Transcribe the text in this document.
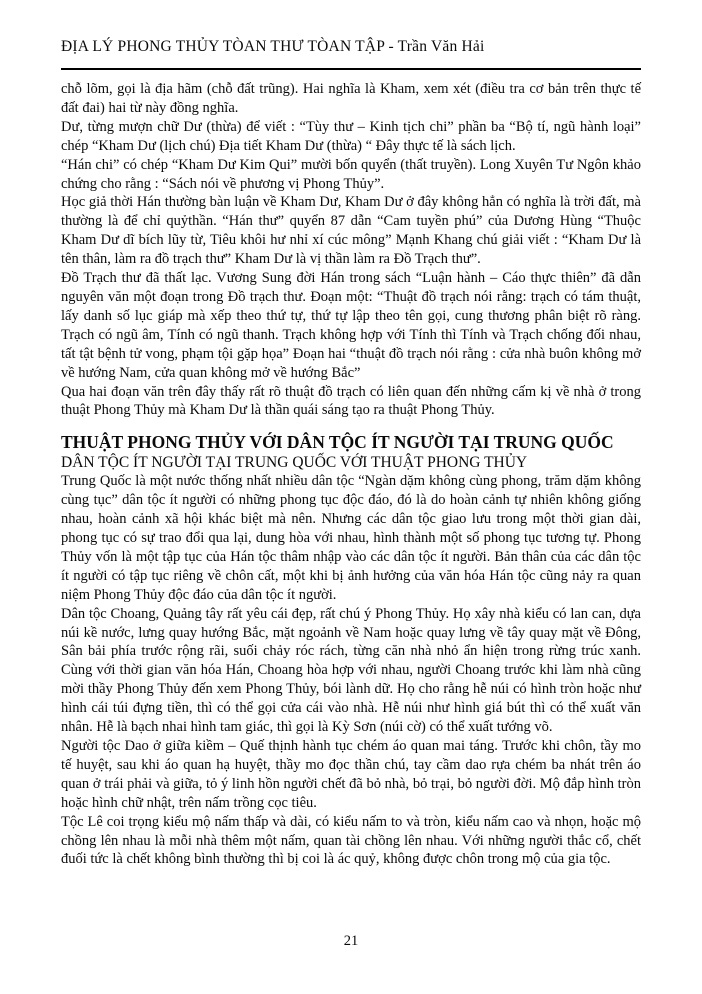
ĐỊA LÝ PHONG THỦY TÒAN THƯ TÒAN TẬP - Trần Văn Hải

chỗ lõm, gọi là địa hãm (chỗ đất trũng). Hai nghĩa là Kham, xem xét (điều tra cơ bản trên thực tế đất đai) hai từ này đồng nghĩa.

Dư, từng mượn chữ Dư (thừa) để viết : “Tùy thư – Kinh tịch chi” phần ba “Bộ tí, ngũ hành loại” chép “Kham Dư (lịch chú) Địa tiết Kham Dư (thừa) “ Đây thực tế là sách lịch.

“Hán chi” có chép “Kham Dư Kim Qui” mười bốn quyển (thất truyền). Long Xuyên Tư Ngôn khảo chứng cho rằng : “Sách nói về phương vị Phong Thủy”.

Học giả thời Hán thường bàn luận về Kham Dư, Kham Dư ở đây không hẳn có nghĩa là trời đất, mà thường là để chỉ quỷthần. “Hán thư” quyển 87 dẫn “Cam tuyền phú” của Dương Hùng “Thuộc Kham Dư dĩ bích lũy từ, Tiêu khôi hư nhỉ xí cúc mông” Mạnh Khang chú giải viết : “Kham Dư là tên thân, làm ra đồ trạch thư” Kham Dư là vị thần làm ra Đồ Trạch thư”.

Đồ Trạch thư đã thất lạc. Vương Sung đời Hán trong sách “Luận hành – Cáo thực thiên” đã dẫn nguyên văn một đoạn trong Đồ trạch thư. Đoạn một: “Thuật đồ trạch nói rằng: trạch có tám thuật, lấy danh số lục giáp mà xếp theo thứ tự, thứ tự lập theo tên gọi, cung thương phân biệt rõ ràng. Trạch có ngũ âm, Tính có ngũ thanh. Trạch không hợp với Tính thì Tính và Trạch chống đối nhau, tất tật bệnh tử vong, phạm tội gặp họa” Đoạn hai “thuật đồ trạch nói rằng : cửa nhà buôn không mở về hướng Nam, cửa quan không mở về hướng Bắc”

Qua hai đoạn văn trên đây thấy rất rõ thuật đồ trạch có liên quan đến những cấm kị về nhà ở trong thuật Phong Thủy mà Kham Dư là thần quái sáng tạo ra thuật Phong Thủy.

THUẬT PHONG THỦY VỚI DÂN TỘC ÍT NGƯỜI TẠI TRUNG QUỐC
DÂN TỘC ÍT NGƯỜI TẠI TRUNG QUỐC VỚI THUẬT PHONG THỦY

Trung Quốc là một nước thống nhất nhiều dân tộc “Ngàn dặm không cùng phong, trăm dặm không cùng tục” dân tộc ít người có những phong tục độc đáo, đó là do hoàn cảnh tự nhiên không giống nhau, hoàn cảnh xã hội khác biệt mà nên. Nhưng các dân tộc giao lưu trong một thời gian dài, phong tục có sự trao đổi qua lại, dung hòa với nhau, hình thành một số phong tục tương tự. Phong Thủy vốn là một tập tục của Hán tộc thâm nhập vào các dân tộc ít người. Bản thân của các dân tộc ít người có tập tục riêng về chôn cất, một khi bị ảnh hưởng của văn hóa Hán tộc cũng nảy ra quan niệm Phong Thủy độc đáo của dân tộc ít người.

Dân tộc Choang, Quảng tây rất yêu cái đẹp, rất chú ý Phong Thủy. Họ xây nhà kiểu có lan can, dựa núi kề nước, lưng quay hướng Bắc, mặt ngoảnh về Nam hoặc quay lưng về tây quay mặt về Đông, Sân bải phía trước rộng rãi, suối chảy róc rách, từng căn nhà nhỏ ẩn hiện trong rừng trúc xanh. Cùng với thời gian văn hóa Hán, Choang hòa hợp với nhau, người Choang trước khi làm nhà cũng mời thầy Phong Thủy đến xem Phong Thủy, bói lành dữ. Họ cho rằng hễ núi có hình tròn hoặc như hình cái túi đựng tiền, thì có thể gọi cửa cái vào nhà. Hễ núi như hình giá bút thì có thể xuất văn nhân. Hễ là bạch nhai hình tam giác, thì gọi là Kỳ Sơn (núi cờ) có thể xuất tướng võ.

Người tộc Dao ở giữa kiềm – Quế thịnh hành tục chém áo quan mai táng. Trước khi chôn, tầy mo tế huyệt, sau khi áo quan hạ huyệt, thầy mo đọc thần chú, tay cầm dao rựa chém ba nhát trên áo quan ở trái phải và giữa, tỏ ý linh hồn người chết đã bỏ nhà, bỏ trại, bỏ người đời. Mộ đắp hình tròn hoặc hình chữ nhật, trên nấm trồng cọc tiêu.

Tộc Lê coi trọng kiểu mộ nấm thấp và dài, có kiểu nấm to và tròn, kiểu nấm cao và nhọn, hoặc mộ chồng lên nhau là mỗi nhà thêm một nấm, quan tài chồng lên nhau. Với những người thắc cổ, chết đuối tức là chết không bình thường thì bị coi là ác quỷ, không được chôn trong mộ của gia tộc.

21
